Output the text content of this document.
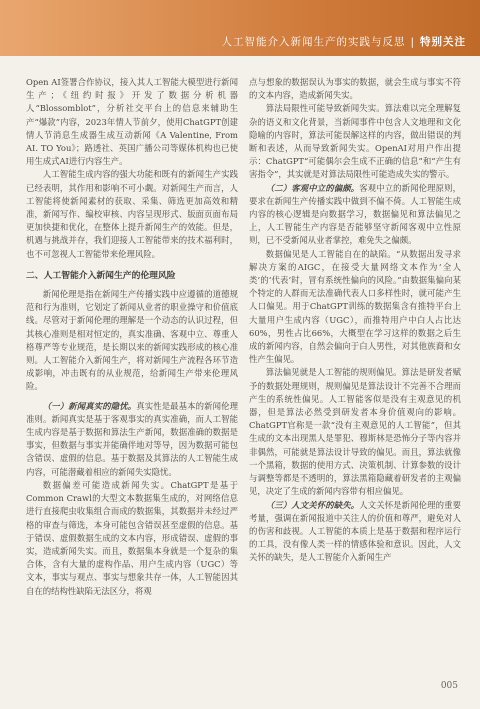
人工智能介入新闻生产的实践与反思 | 特别关注

Open AI签署合作协议，接入其人工智能大模型进行新闻生产；《纽约时报》开发了数据分析机器人“Blossomblot”，分析社交平台上的信息来辅助生产“爆款”内容，2023年情人节前夕，使用ChatGPT创建情人节消息生成器生成互动新闻《A Valentine, From AI. TO You》；路透社、英国广播公司等媒体机构也已使用生成式AI进行内容生产。

人工智能生成内容的强大功能和既有的新闻生产实践已经表明，其作用和影响不可小觑。对新闻生产而言，人工智能将使新闻素材的获取、采集、筛选更加高效和精准，新闻写作、编校审核、内容呈现形式、版面页面布局更加快捷和优化，在整体上提升新闻生产的效能。但是，机遇与挑战并存，我们迎接人工智能带来的技术福利时，也不可忽视人工智能带来伦理风险。

二、人工智能介入新闻生产的伦理风险

新闻伦理是指在新闻生产传播实践中应遵循的道德规范和行为准则，它划定了新闻从业者的职业操守和价值底线。尽管对于新闻伦理的理解是一个动态的认识过程，但其核心准则是相对恒定的，真实准确、客观中立、尊重人格尊严等专业规范，是长期以来的新闻实践形成的核心准则。人工智能介入新闻生产，将对新闻生产流程各环节造成影响，冲击既有的从业规范，给新闻生产带来伦理风险。

（一）新闻真实的隐忧。真实性是最基本的新闻伦理准则。新闻真实是基于客观事实的真实准确，而人工智能生成内容是基于数据和算法生产新闻，数据准确的数据是事实，但数据与事实并能确伴地对等导，因为数据可能包含错误、虚假的信息。基于数据及其算法的人工智能生成内容，可能潜藏着相应的新闻失实隐忧。

数据偏差可能造成新闻失实。ChatGPT是基于Common Crawl的大型文本数据集生成的，对网络信息进行直接爬虫收集组合而成的数据集，其数据并未经过严格的审查与筛选，本身可能包含错误甚至虚假的信息。基于错误、虚假数据生成的文本内容，形成错误、虚假的事实，造成新闻失实。而且，数据集本身就是一个复杂的集合体，含有大量的虚构作品、用户生成内容（UGC）等文本，事实与观点、事实与想象共存一体，人工智能因其自在的结构性缺陷无法区分，将观

点与想象的数据误认为事实的数据，就会生成与事实不符的文本内容，造成新闻失实。

算法局限性可能导致新闻失实。算法难以完全理解复杂的语义和文化背景，当新闻事件中包含人文地理和文化隐喻的内容时，算法可能误解这样的内容，做出错误的判断和表述，从而导致新闻失实。OpenAI对用户作出提示：ChatGPT“可能偶尔会生成不正确的信息”和“产生有害指令”，其实就是对算法局限性可能造成失实的警示。

（二）客观中立的偏颇。客观中立的新闻伦理原则，要求在新闻生产传播实践中做到不偏不倚。人工智能生成内容的核心逻辑是向数据学习，数据偏见和算法偏见之上，人工智能生产内容是否能够坚守新闻客观中立性原则，已不受新闻从业者掌控，难免失之偏颇。

数据偏见是人工智能自在的缺陷。“从数据出发寻求解决方案的AIGC，在接受大量网络文本作为‘全人类’的‘代表’时，冒有系统性偏向的风险。”由数据集偏向某个特定的人群而无法准确代表人口多样性时，就可能产生人口偏见。用于ChatGPT训练的数据集含有推特平台上大量用户生成内容（UGC），而推特用户中白人占比达60%，男性占比66%，大概型在学习这样的数据之后生成的新闻内容，自然会偏向于白人男性，对其他族裔和女性产生偏见。

算法偏见就是人工智能的规则偏见。算法是研发者赋予的数据处理规则，规则偏见是算法设计不完善不合理而产生的系统性偏见。人工智能客似是没有主观意见的机器，但是算法必然受到研发者本身价值观向的影响。ChatGPT官称是一款“没有主观意见的人工智能”，但其生成的文本出现黑人是罪犯、穆斯林是恐怖分子等内容并非偶然，可能就是算法设计导致的偏见。而且，算法就像一个黑箱，数据的使用方式、决策机制、计算参数的设计与调整等都是不透明的，算法黑箱隐藏着研发者的主观偏见，决定了生成的新闻内容带有相应偏见。

（三）人文关怀的缺失。人文关怀是新闻伦理的重要考量，强调在新闻报道中关注人的价值和尊严，避免对人的伤害和歧视。人工智能的本质上是基于数据和程序运行的工具，没有像人类一样的情感体验和意识。因此，人文关怀的缺失，是人工智能介入新闻生产

005
